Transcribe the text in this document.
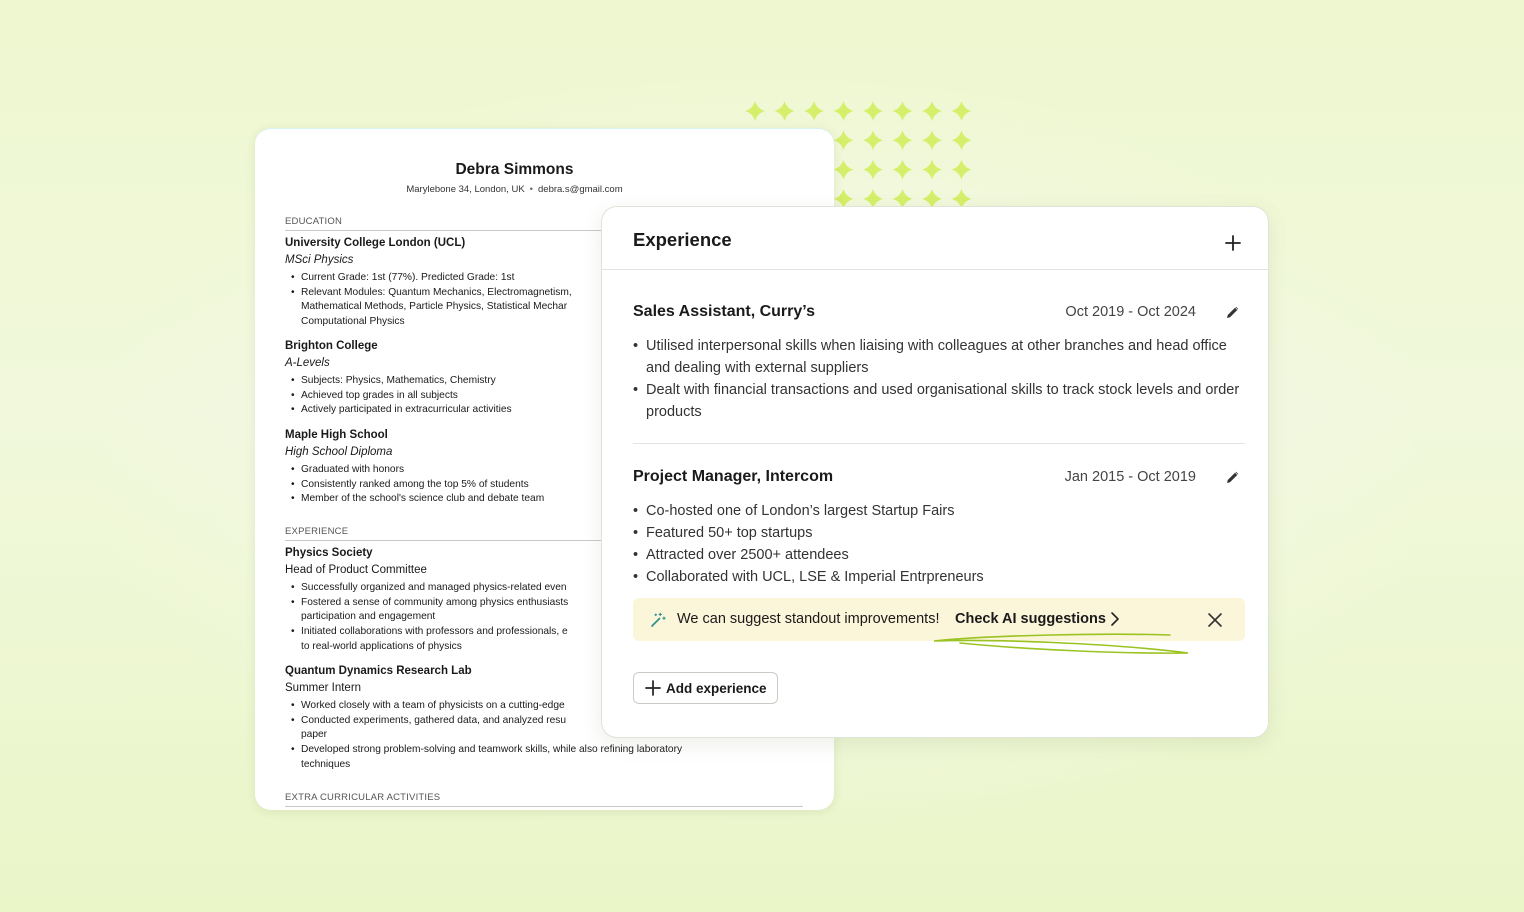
Debra Simmons
Marylebone 34, London, UK • debra.s@gmail.com
EDUCATION
University College London (UCL)
MSci Physics
• Current Grade: 1st (77%). Predicted Grade: 1st
• Relevant Modules: Quantum Mechanics, Electromagnetism,
Mathematical Methods, Particle Physics, Statistical Mechar
Computational Physics
Brighton College
A-Levels
• Subjects: Physics, Mathematics, Chemistry
• Achieved top grades in all subjects
• Actively participated in extracurricular activities
Maple High School
High School Diploma
• Graduated with honors
• Consistently ranked among the top 5% of students
• Member of the school's science club and debate team
EXPERIENCE
Physics Society
Head of Product Committee
• Successfully organized and managed physics-related even
• Fostered a sense of community among physics enthusiasts
participation and engagement
• Initiated collaborations with professors and professionals, e
to real-world applications of physics
Quantum Dynamics Research Lab
Summer Intern
• Worked closely with a team of physicists on a cutting-edge
• Conducted experiments, gathered data, and analyzed resu
paper
• Developed strong problem-solving and teamwork skills, while also refining laboratory
techniques
EXTRA CURRICULAR ACTIVITIES
Experience
Sales Assistant, Curry’s	Oct 2019 - Oct 2024
• Utilised interpersonal skills when liaising with colleagues at other branches and head office and dealing with external suppliers
• Dealt with financial transactions and used organisational skills to track stock levels and order products
Project Manager, Intercom	Jan 2015 - Oct 2019
• Co-hosted one of London’s largest Startup Fairs
• Featured 50+ top startups
• Attracted over 2500+ attendees
• Collaborated with UCL, LSE & Imperial Entrpreneurs
We can suggest standout improvements! Check AI suggestions
Add experience
